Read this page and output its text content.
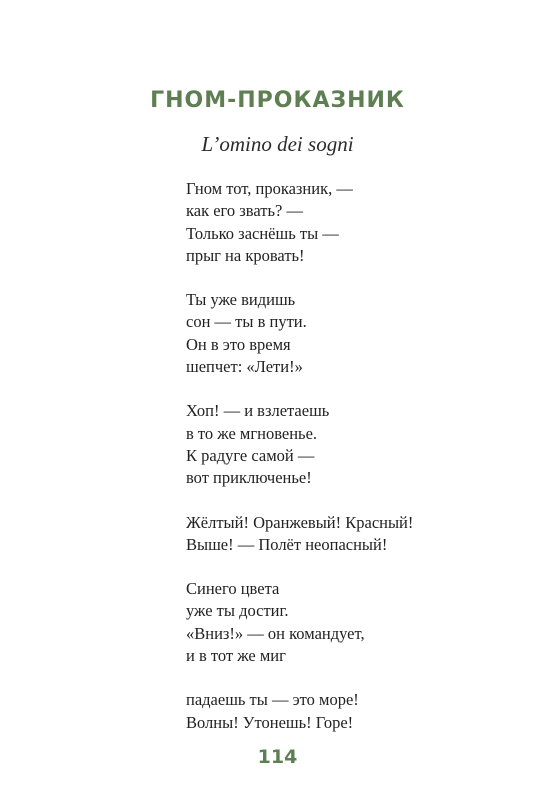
ГНОМ-ПРОКАЗНИК

L’omino dei sogni

Гном тот, проказник, —
как его звать? —
Только заснёшь ты —
прыг на кровать!
Ты уже видишь
сон — ты в пути.
Он в это время
шепчет: «Лети!»
Хоп! — и взлетаешь
в то же мгновенье.
К радуге самой —
вот приключенье!
Жёлтый! Оранжевый! Красный!
Выше! — Полёт неопасный!
Синего цвета
уже ты достиг.
«Вниз!» — он командует,
и в тот же миг
падаешь ты — это море!
Волны! Утонешь! Горе!
114
